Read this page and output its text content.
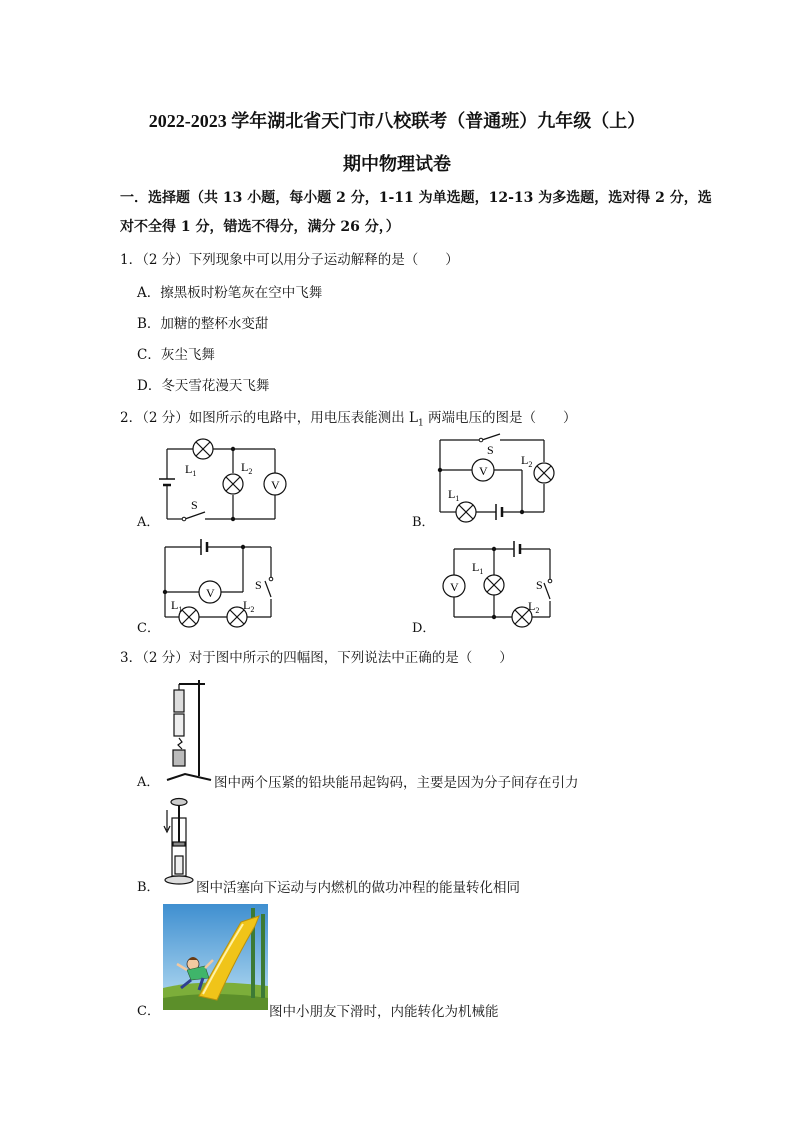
2022-2023 学年湖北省天门市八校联考（普通班）九年级（上）
期中物理试卷
一．选择题（共 13 小题，每小题 2 分，1-11 为单选题，12-13 为多选题，选对得 2 分，选
对不全得 1 分，错选不得分，满分 26 分，）
1．（2 分）下列现象中可以用分子运动解释的是（　　）
A．擦黑板时粉笔灰在空中飞舞
B．加糖的整杯水变甜
C．灰尘飞舞
D．冬天雪花漫天飞舞
2．（2 分）如图所示的电路中，用电压表能测出 $L_1$ 两端电压的图是（　　）
A．	B．
C．	D．
V
$L_1$	$L_2$
S
V
S
$L_2$
$L_1$
V
S
$L_1$	$L_2$
V	S
$L_1$
$L_2$
3．（2 分）对于图中所示的四幅图，下列说法中正确的是（　　）
A．	图中两个压紧的铅块能吊起钩码，主要是因为分子间存在引力
B．	图中活塞向下运动与内燃机的做功冲程的能量转化相同
C．	图中小朋友下滑时，内能转化为机械能
